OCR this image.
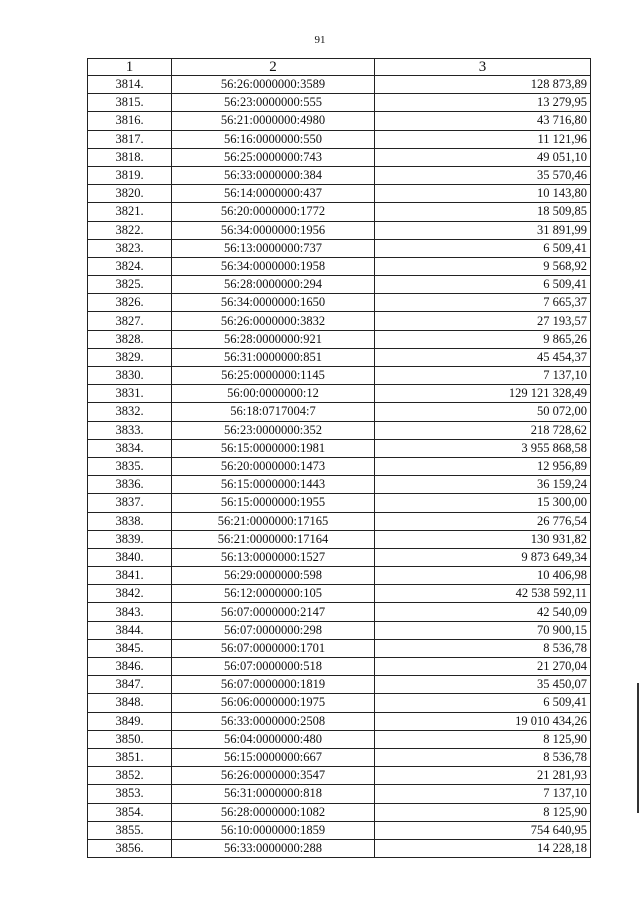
91
1	2	3
3814.	56:26:0000000:3589	128 873,89
3815.	56:23:0000000:555	13 279,95
3816.	56:21:0000000:4980	43 716,80
3817.	56:16:0000000:550	11 121,96
3818.	56:25:0000000:743	49 051,10
3819.	56:33:0000000:384	35 570,46
3820.	56:14:0000000:437	10 143,80
3821.	56:20:0000000:1772	18 509,85
3822.	56:34:0000000:1956	31 891,99
3823.	56:13:0000000:737	6 509,41
3824.	56:34:0000000:1958	9 568,92
3825.	56:28:0000000:294	6 509,41
3826.	56:34:0000000:1650	7 665,37
3827.	56:26:0000000:3832	27 193,57
3828.	56:28:0000000:921	9 865,26
3829.	56:31:0000000:851	45 454,37
3830.	56:25:0000000:1145	7 137,10
3831.	56:00:0000000:12	129 121 328,49
3832.	56:18:0717004:7	50 072,00
3833.	56:23:0000000:352	218 728,62
3834.	56:15:0000000:1981	3 955 868,58
3835.	56:20:0000000:1473	12 956,89
3836.	56:15:0000000:1443	36 159,24
3837.	56:15:0000000:1955	15 300,00
3838.	56:21:0000000:17165	26 776,54
3839.	56:21:0000000:17164	130 931,82
3840.	56:13:0000000:1527	9 873 649,34
3841.	56:29:0000000:598	10 406,98
3842.	56:12:0000000:105	42 538 592,11
3843.	56:07:0000000:2147	42 540,09
3844.	56:07:0000000:298	70 900,15
3845.	56:07:0000000:1701	8 536,78
3846.	56:07:0000000:518	21 270,04
3847.	56:07:0000000:1819	35 450,07
3848.	56:06:0000000:1975	6 509,41
3849.	56:33:0000000:2508	19 010 434,26
3850.	56:04:0000000:480	8 125,90
3851.	56:15:0000000:667	8 536,78
3852.	56:26:0000000:3547	21 281,93
3853.	56:31:0000000:818	7 137,10
3854.	56:28:0000000:1082	8 125,90
3855.	56:10:0000000:1859	754 640,95
3856.	56:33:0000000:288	14 228,18
